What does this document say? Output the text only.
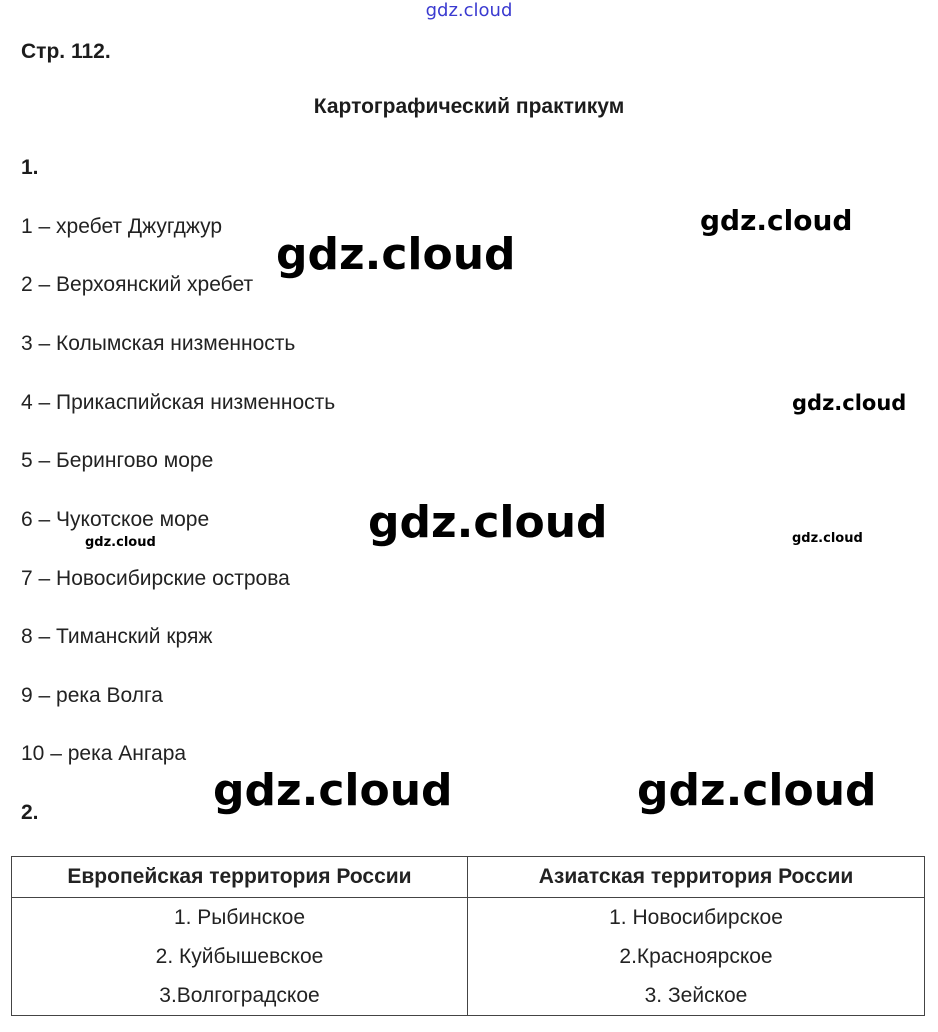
gdz.cloud
Стр. 112.
Картографический практикум
1.
1 – хребет Джугджур
2 – Верхоянский хребет
3 – Колымская низменность
4 – Прикаспийская низменность
5 – Берингово море
6 – Чукотское море
7 – Новосибирские острова
8 – Тиманский кряж
9 – река Волга
10 – река Ангара
2.
Европейская территория России	Азиатская территория России
1. Рыбинское	1. Новосибирское
2. Куйбышевское	2.Красноярское
3.Волгоградское	3. Зейское
gdz.cloud
gdz.cloud
gdz.cloud
gdz.cloud
gdz.cloud	gdz.cloud
gdz.cloud	gdz.cloud
